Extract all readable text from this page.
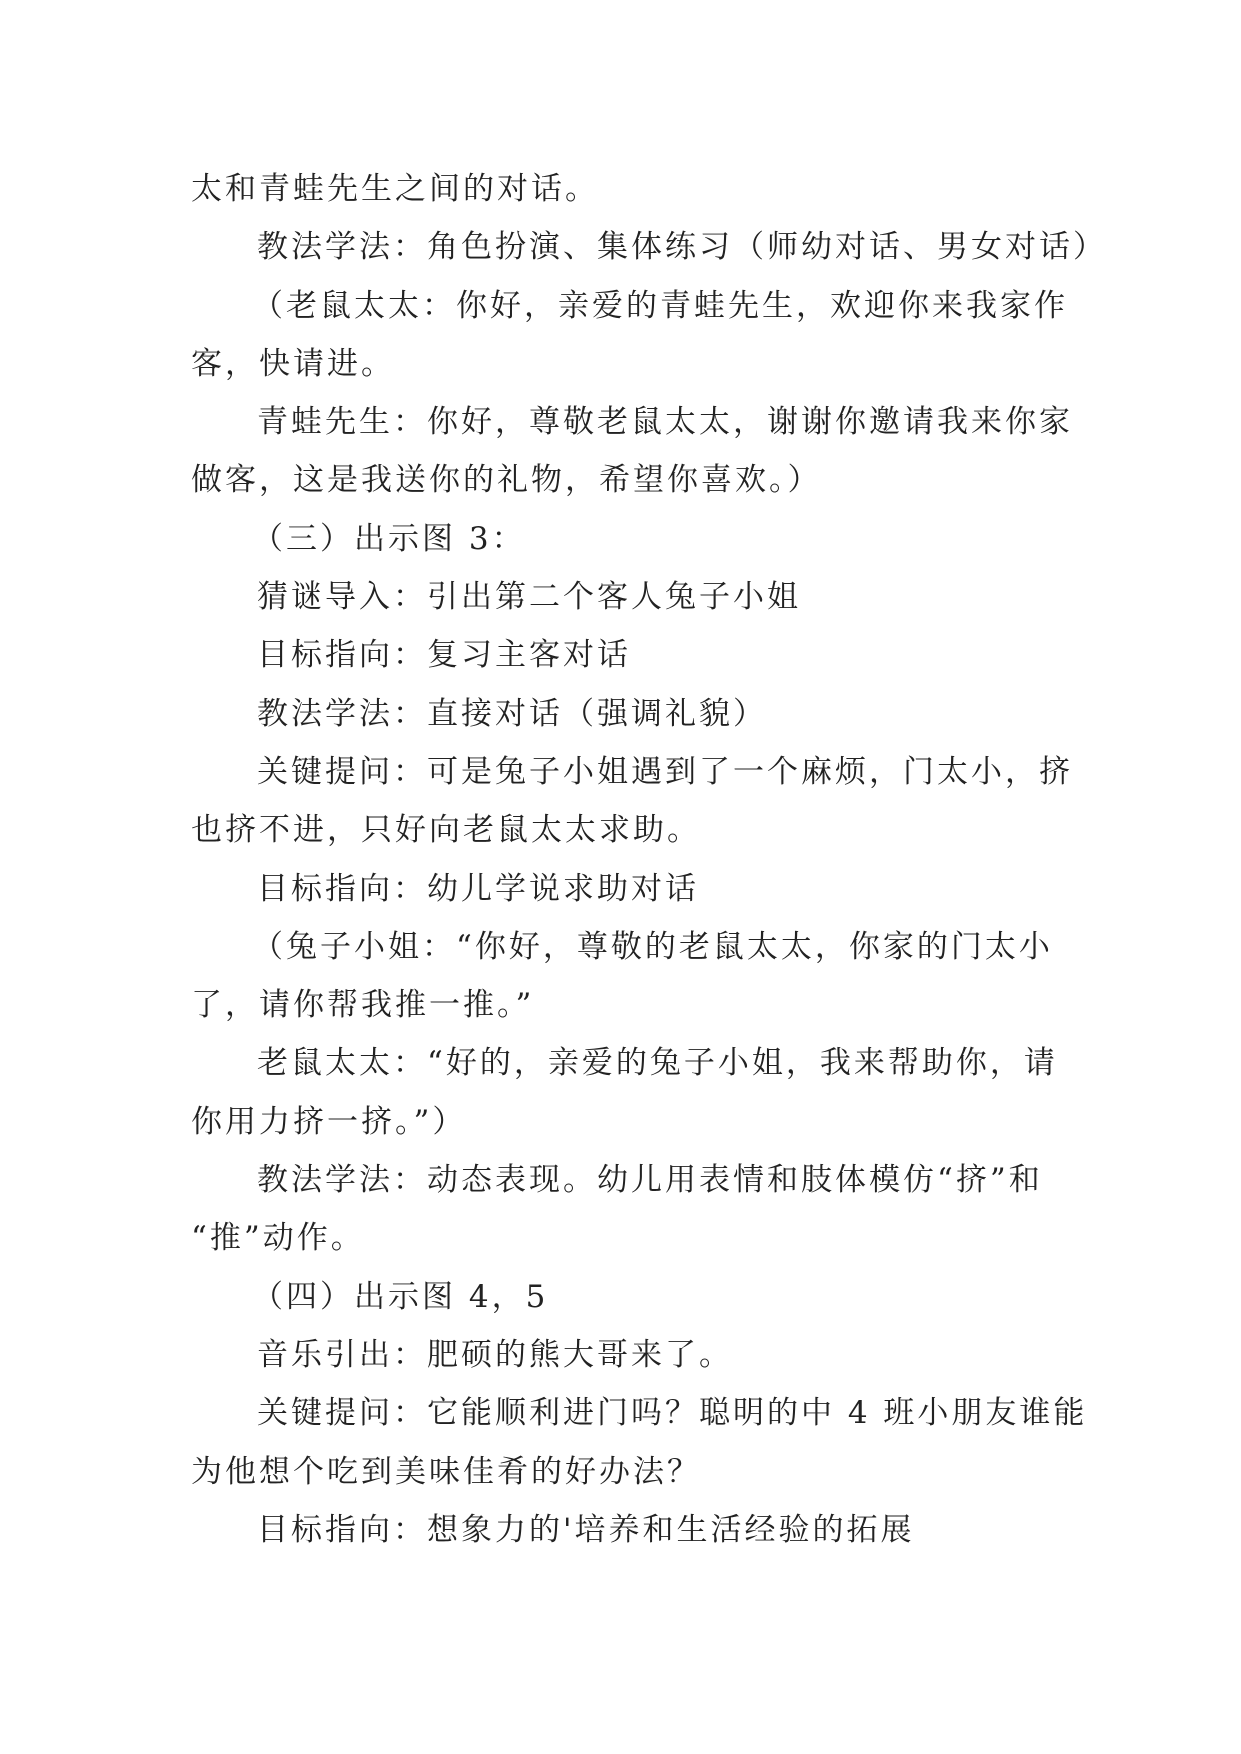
太和青蛙先生之间的对话。
教法学法：角色扮演、集体练习（师幼对话、男女对话）
（老鼠太太：你好，亲爱的青蛙先生，欢迎你来我家作
客，快请进。
青蛙先生：你好，尊敬老鼠太太，谢谢你邀请我来你家
做客，这是我送你的礼物，希望你喜欢。）
（三）出示图 3：
猜谜导入：引出第二个客人兔子小姐
目标指向：复习主客对话
教法学法：直接对话（强调礼貌）
关键提问：可是兔子小姐遇到了一个麻烦，门太小，挤
也挤不进，只好向老鼠太太求助。
目标指向：幼儿学说求助对话
（兔子小姐：“你好，尊敬的老鼠太太，你家的门太小
了，请你帮我推一推。”
老鼠太太：“好的，亲爱的兔子小姐，我来帮助你，请
你用力挤一挤。”）
教法学法：动态表现。幼儿用表情和肢体模仿“挤”和
“推”动作。
（四）出示图 4，5
音乐引出：肥硕的熊大哥来了。
关键提问：它能顺利进门吗？聪明的中 4 班小朋友谁能
为他想个吃到美味佳肴的好办法？
目标指向：想象力的'培养和生活经验的拓展
